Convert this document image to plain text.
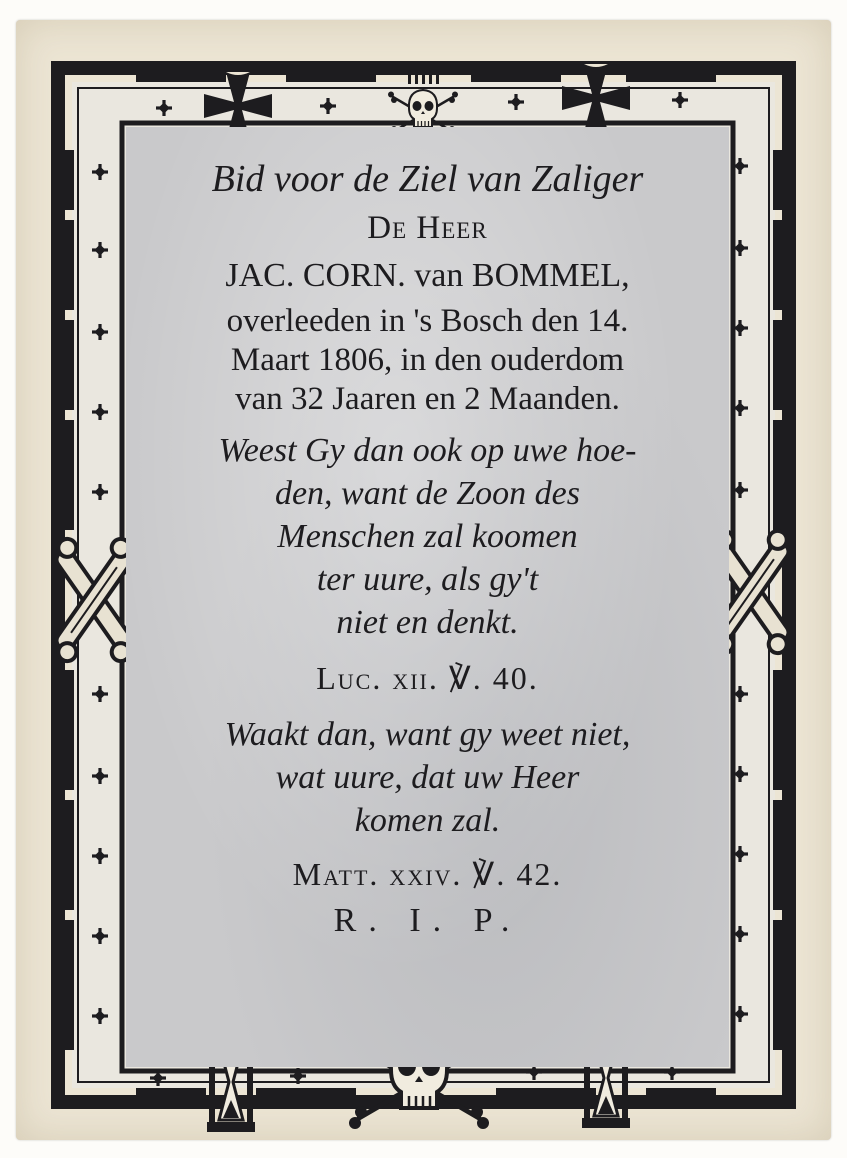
Bid voor de Ziel van Zaliger
De Heer
JAC. CORN. van BOMMEL,
overleeden in 's Bosch den 14.
Maart 1806, in den ouderdom
van 32 Jaaren en 2 Maanden.
Weest Gy dan ook op uwe hoe-
den, want de Zoon des
Menschen zal koomen
ter uure, als gy't
niet en denkt.
Luc. xii. ℣. 40.
Waakt dan, want gy weet niet,
wat uure, dat uw Heer
komen zal.
Matt. xxiv. ℣. 42.
R. I. P.
